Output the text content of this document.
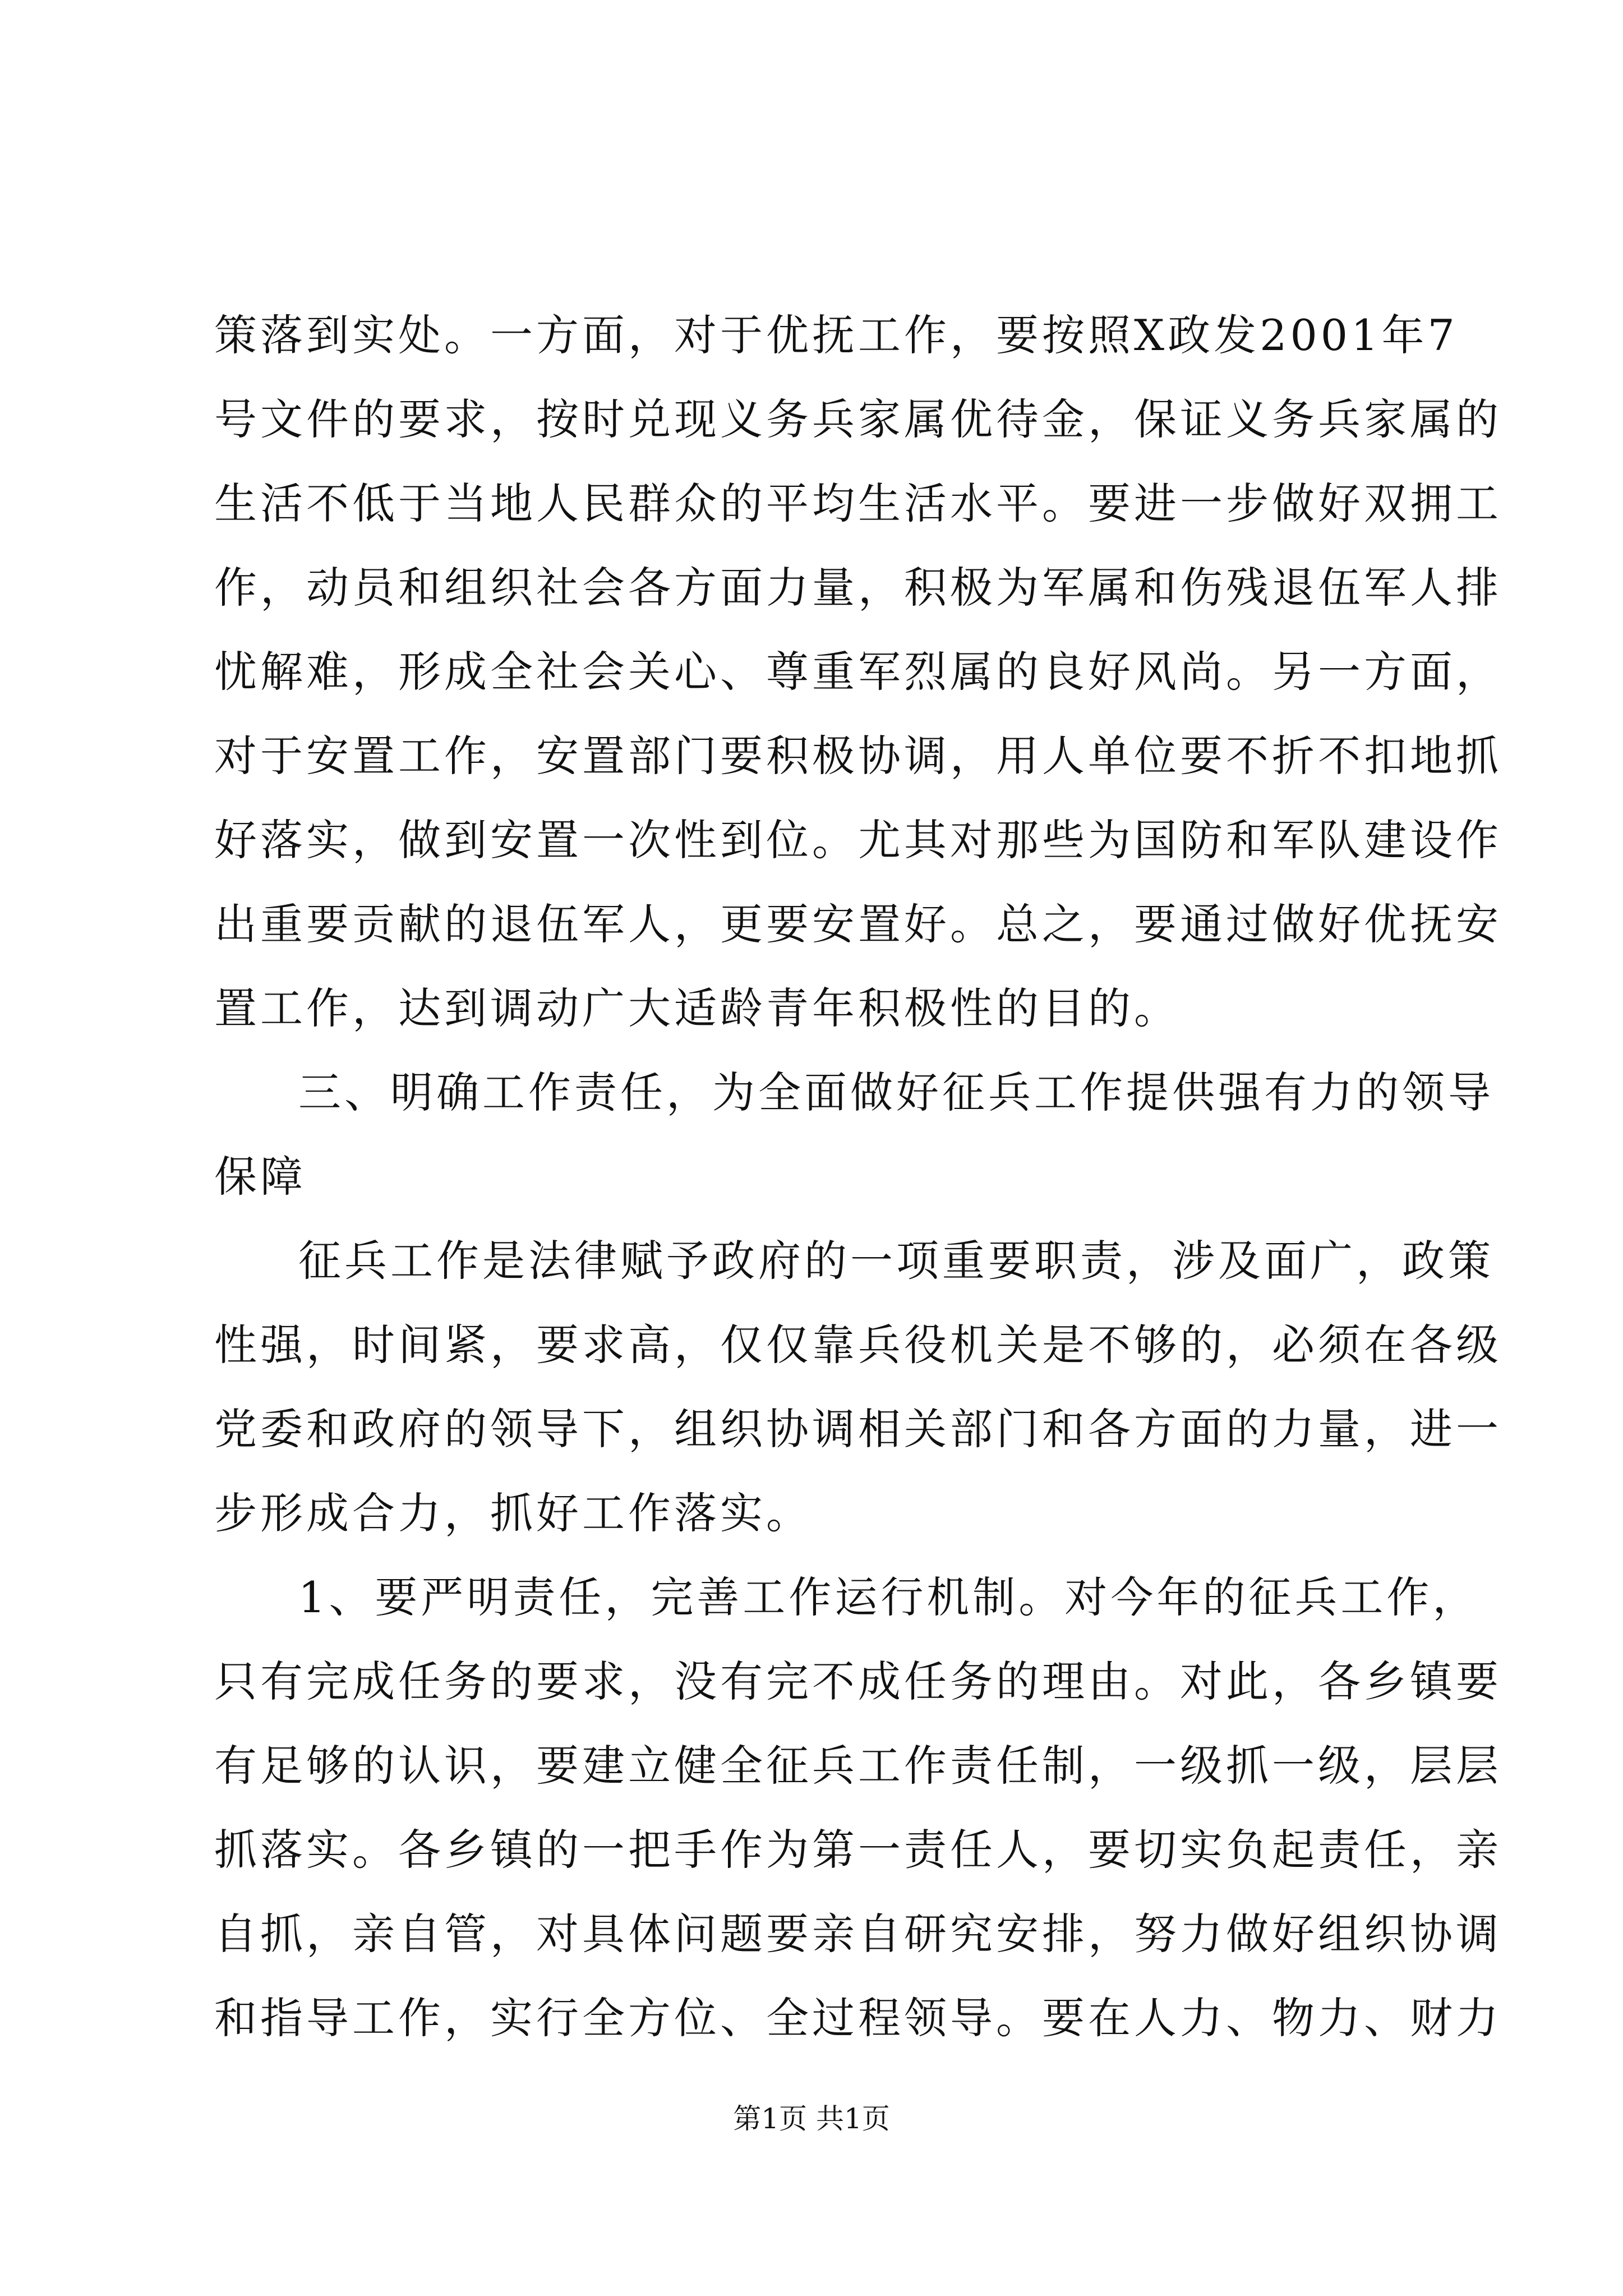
策落到实处。一方面，对于优抚工作，要按照X政发2001年7
号文件的要求，按时兑现义务兵家属优待金，保证义务兵家属的
生活不低于当地人民群众的平均生活水平。要进一步做好双拥工
作，动员和组织社会各方面力量，积极为军属和伤残退伍军人排
忧解难，形成全社会关心、尊重军烈属的良好风尚。另一方面，
对于安置工作，安置部门要积极协调，用人单位要不折不扣地抓
好落实，做到安置一次性到位。尤其对那些为国防和军队建设作
出重要贡献的退伍军人，更要安置好。总之，要通过做好优抚安
置工作，达到调动广大适龄青年积极性的目的。
三、明确工作责任，为全面做好征兵工作提供强有力的领导
保障
征兵工作是法律赋予政府的一项重要职责，涉及面广，政策
性强，时间紧，要求高，仅仅靠兵役机关是不够的，必须在各级
党委和政府的领导下，组织协调相关部门和各方面的力量，进一
步形成合力，抓好工作落实。
1、要严明责任，完善工作运行机制。对今年的征兵工作，
只有完成任务的要求，没有完不成任务的理由。对此，各乡镇要
有足够的认识，要建立健全征兵工作责任制，一级抓一级，层层
抓落实。各乡镇的一把手作为第一责任人，要切实负起责任，亲
自抓，亲自管，对具体问题要亲自研究安排，努力做好组织协调
和指导工作，实行全方位、全过程领导。要在人力、物力、财力
第1页 共1页
